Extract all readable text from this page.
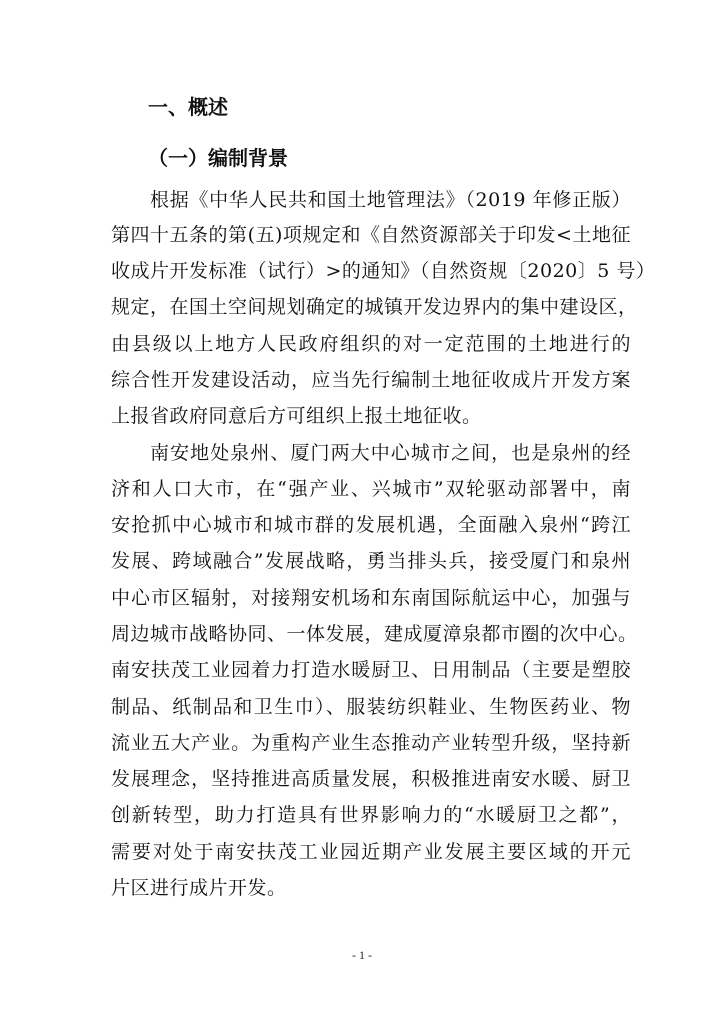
一、概述
（一）编制背景
根据《中华人民共和国土地管理法》（2019 年修正版）
第四十五条的第(五)项规定和《自然资源部关于印发<土地征
收成片开发标准（试行）>的通知》（自然资规〔2020〕5 号）
规定，在国土空间规划确定的城镇开发边界内的集中建设区，
由县级以上地方人民政府组织的对一定范围的土地进行的
综合性开发建设活动，应当先行编制土地征收成片开发方案
上报省政府同意后方可组织上报土地征收。
南安地处泉州、厦门两大中心城市之间，也是泉州的经
济和人口大市，在“强产业、兴城市”双轮驱动部署中，南
安抢抓中心城市和城市群的发展机遇，全面融入泉州“跨江
发展、跨域融合”发展战略，勇当排头兵，接受厦门和泉州
中心市区辐射，对接翔安机场和东南国际航运中心，加强与
周边城市战略协同、一体发展，建成厦漳泉都市圈的次中心。
南安扶茂工业园着力打造水暖厨卫、日用制品（主要是塑胶
制品、纸制品和卫生巾）、服装纺织鞋业、生物医药业、物
流业五大产业。为重构产业生态推动产业转型升级，坚持新
发展理念，坚持推进高质量发展，积极推进南安水暖、厨卫
创新转型，助力打造具有世界影响力的“水暖厨卫之都”，
需要对处于南安扶茂工业园近期产业发展主要区域的开元
片区进行成片开发。
- 1 -
